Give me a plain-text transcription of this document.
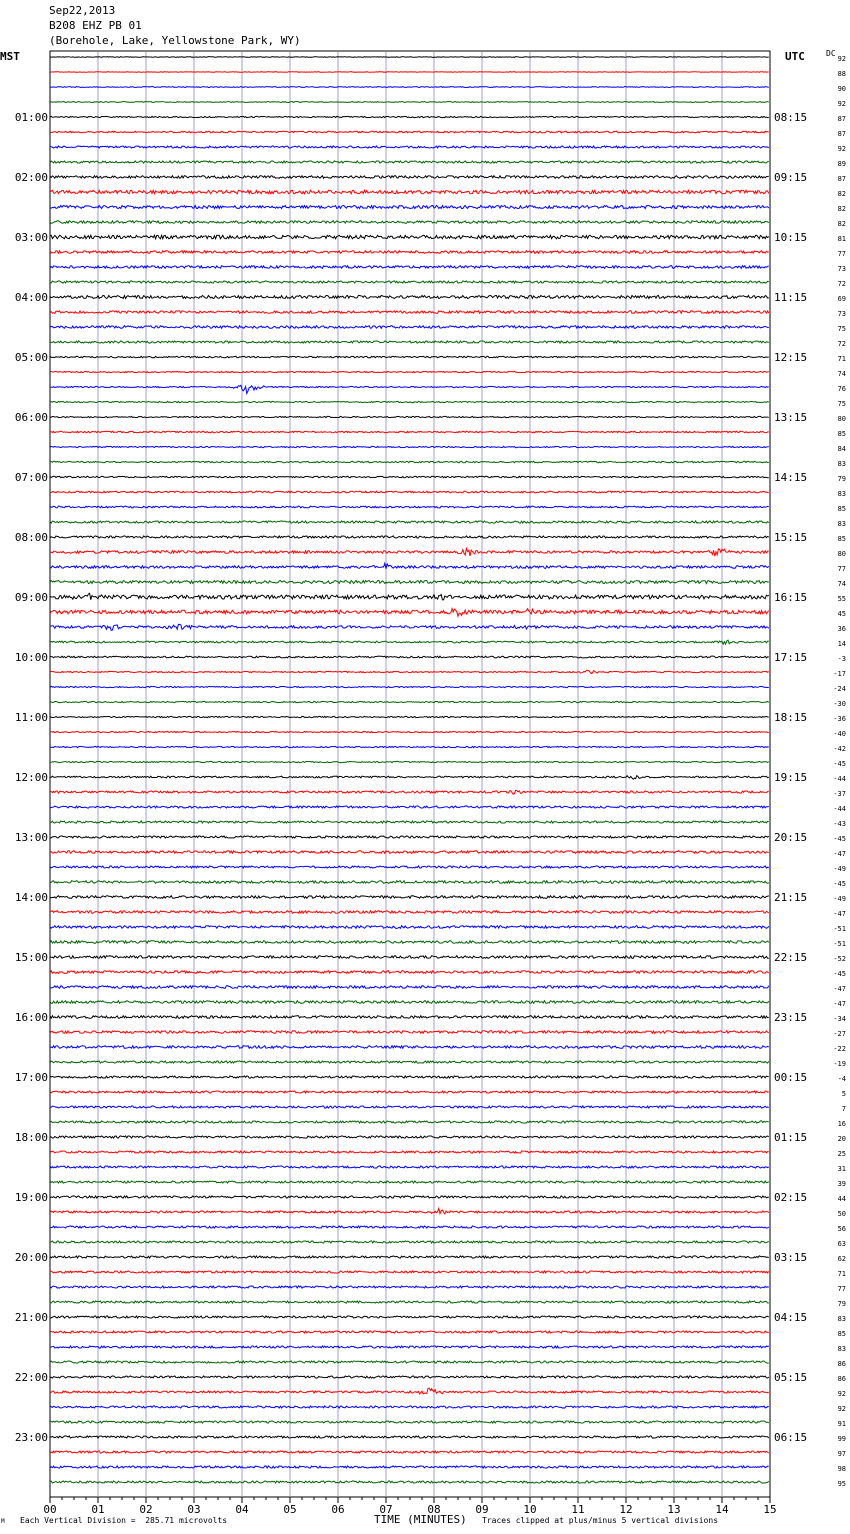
Sep22,2013
B208 EHZ PB 01
(Borehole, Lake, Yellowstone Park, WY)
MST	UTC	DC
92
88
90
92
87
87
92
89
87
82
82
82
81
77
73
72
69
73
75
72
71
74
76
75
80
85
84
83
79
83
85
83
85
80
77
74
55
45
36
14
-3
-17
-24
-30
-36
-40
-42
-45
-44
-37
-44
-43
-45
-47
-49
-45
-49
-47
-51
-51
-52
-45
-47
-47
-34
-27
-22
-19
-4
5
7
16
20
25
31
39
44
50
56
63
62
71
77
79
83
85
83
86
86
92
92
91
99
97
98
95
01:00	08:15
02:00	09:15
03:00	10:15
04:00	11:15
05:00	12:15
06:00	13:15
07:00	14:15
08:00	15:15
09:00	16:15
10:00	17:15
11:00	18:15
12:00	19:15
13:00	20:15
14:00	21:15
15:00	22:15
16:00	23:15
17:00	00:15
18:00	01:15
19:00	02:15
20:00	03:15
21:00	04:15
22:00	05:15
23:00	06:15
00	01	02	03	04	05	06	07	08	09	10	11	12	13	14	15
M Each Vertical Division =  285.71 microvolts	TIME (MINUTES) Traces clipped at plus/minus 5 vertical divisions
